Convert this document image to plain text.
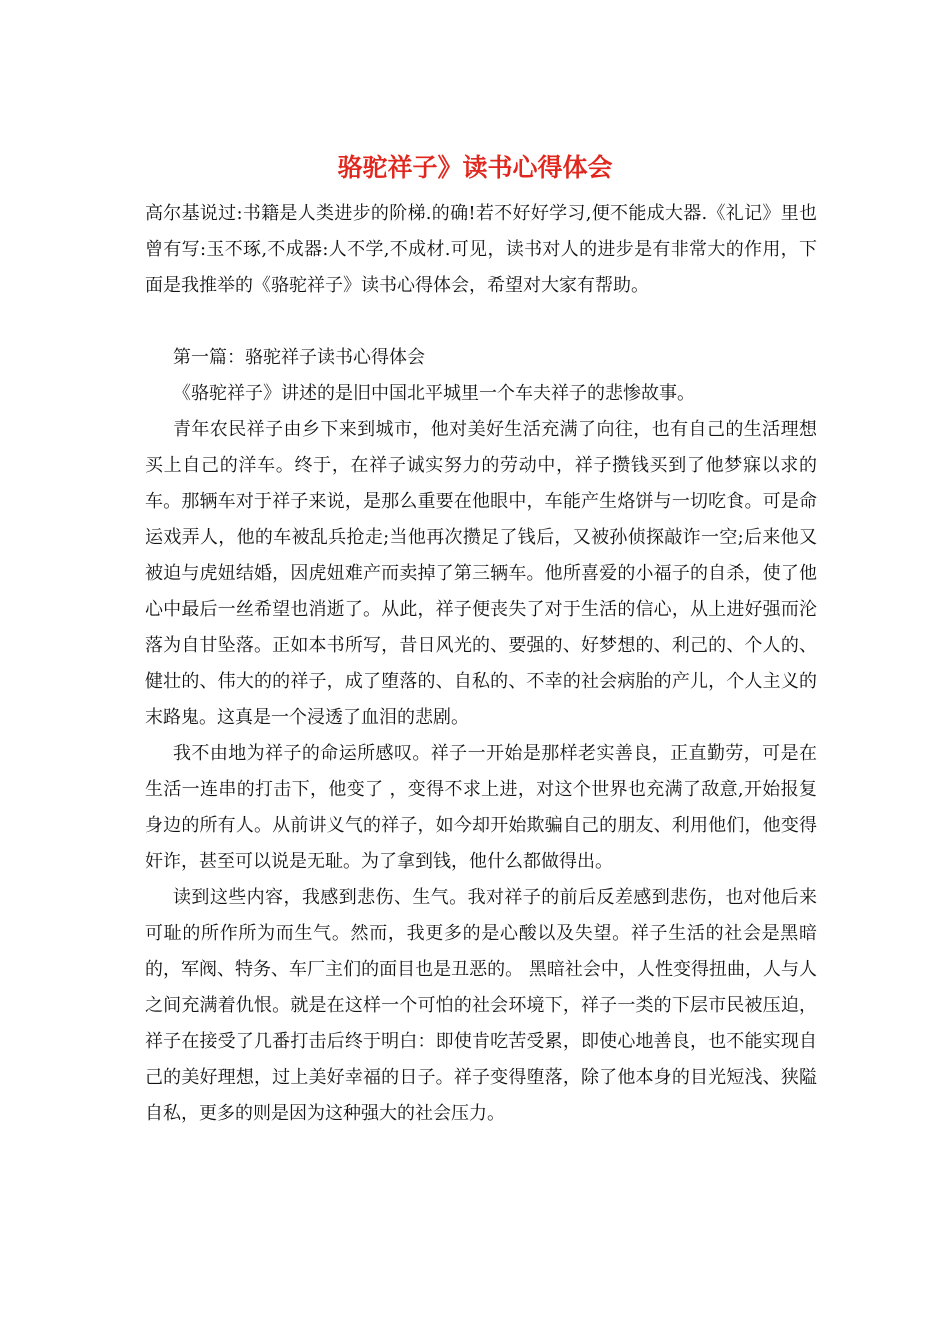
骆驼祥子》读书心得体会
高尔基说过:书籍是人类进步的阶梯.的确!若不好好学习,便不能成大器.《礼记》里也曾有写:玉不琢,不成器:人不学,不成材.可见，读书对人的进步是有非常大的作用，下面是我推举的《骆驼祥子》读书心得体会，希望对大家有帮助。

第一篇：骆驼祥子读书心得体会

《骆驼祥子》讲述的是旧中国北平城里一个车夫祥子的悲惨故事。

青年农民祥子由乡下来到城市，他对美好生活充满了向往，也有自己的生活理想买上自己的洋车。终于，在祥子诚实努力的劳动中，祥子攒钱买到了他梦寐以求的车。那辆车对于祥子来说，是那么重要在他眼中，车能产生烙饼与一切吃食。可是命运戏弄人，他的车被乱兵抢走;当他再次攒足了钱后，又被孙侦探敲诈一空;后来他又被迫与虎妞结婚，因虎妞难产而卖掉了第三辆车。他所喜爱的小福子的自杀，使了他心中最后一丝希望也消逝了。从此，祥子便丧失了对于生活的信心，从上进好强而沦落为自甘坠落。正如本书所写，昔日风光的、要强的、好梦想的、利己的、个人的、健壮的、伟大的的祥子，成了堕落的、自私的、不幸的社会病胎的产儿，个人主义的末路鬼。这真是一个浸透了血泪的悲剧。

我不由地为祥子的命运所感叹。祥子一开始是那样老实善良，正直勤劳，可是在生活一连串的打击下，他变了 ，变得不求上进，对这个世界也充满了敌意,开始报复身边的所有人。从前讲义气的祥子，如今却开始欺骗自己的朋友、利用他们，他变得奸诈，甚至可以说是无耻。为了拿到钱，他什么都做得出。

读到这些内容，我感到悲伤、生气。我对祥子的前后反差感到悲伤，也对他后来可耻的所作所为而生气。然而，我更多的是心酸以及失望。祥子生活的社会是黑暗的，军阀、特务、车厂主们的面目也是丑恶的。 黑暗社会中，人性变得扭曲，人与人之间充满着仇恨。就是在这样一个可怕的社会环境下，祥子一类的下层市民被压迫，祥子在接受了几番打击后终于明白：即使肯吃苦受累，即使心地善良，也不能实现自己的美好理想，过上美好幸福的日子。祥子变得堕落，除了他本身的目光短浅、狭隘自私，更多的则是因为这种强大的社会压力。
